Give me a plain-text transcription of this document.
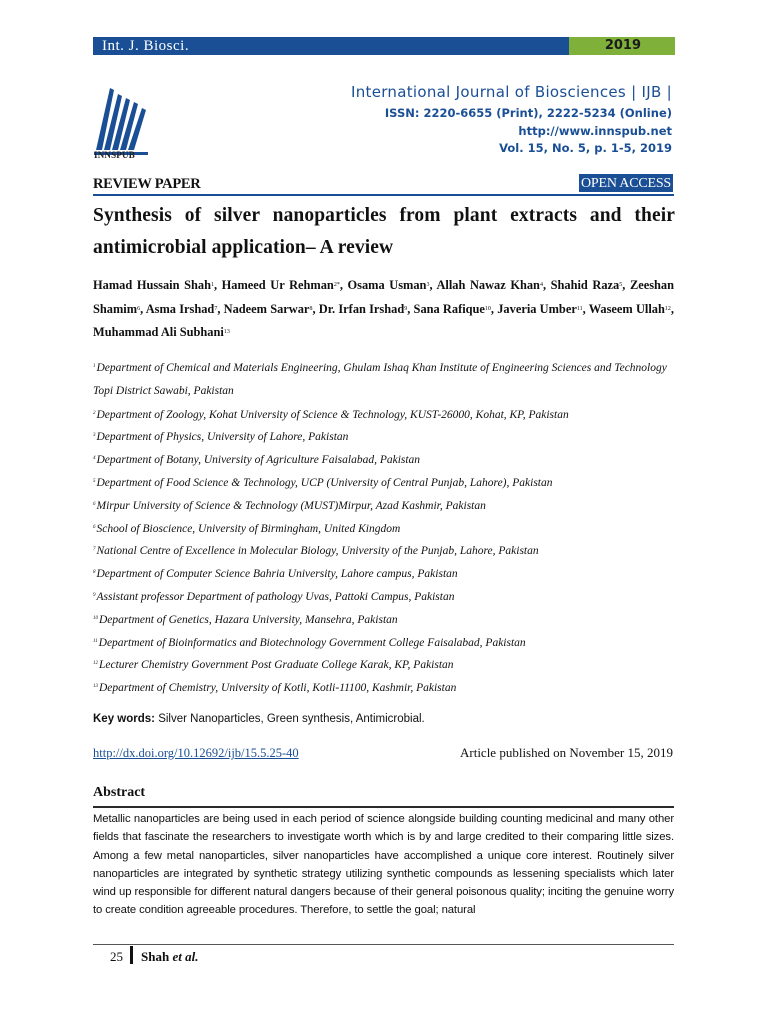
Int. J. Biosci.	2019
INNSPUB
International Journal of Biosciences | IJB |
ISSN: 2220-6655 (Print), 2222-5234 (Online)
http://www.innspub.net
Vol. 15, No. 5, p. 1-5, 2019
REVIEW PAPER	OPEN ACCESS
Synthesis of silver nanoparticles from plant extracts and their antimicrobial application– A review
Hamad Hussain Shah$^1$, Hameed Ur Rehman$^{2*}$, Osama Usman$^3$, Allah Nawaz Khan$^4$, Shahid Raza$^5$, Zeeshan Shamim$^6$, Asma Irshad$^7$, Nadeem Sarwar$^8$, Dr. Irfan Irshad$^9$, Sana Rafique$^{10}$, Javeria Umber$^{11}$, Waseem Ullah$^{12}$, Muhammad Ali Subhani$^{13}$
$^1$Department of Chemical and Materials Engineering, Ghulam Ishaq Khan Institute of Engineering Sciences and Technology Topi District Sawabi, Pakistan
$^2$Department of Zoology, Kohat University of Science & Technology, KUST-26000, Kohat, KP, Pakistan
$^3$Department of Physics, University of Lahore, Pakistan
$^4$Department of Botany, University of Agriculture Faisalabad, Pakistan
$^5$Department of Food Science & Technology, UCP (University of Central Punjab, Lahore), Pakistan
$^6$Mirpur University of Science & Technology (MUST)Mirpur, Azad Kashmir, Pakistan
$^6$School of Bioscience, University of Birmingham, United Kingdom
$^7$National Centre of Excellence in Molecular Biology, University of the Punjab, Lahore, Pakistan
$^8$Department of Computer Science Bahria University, Lahore campus, Pakistan
$^9$Assistant professor Department of pathology Uvas, Pattoki Campus, Pakistan
$^{10}$Department of Genetics, Hazara University, Mansehra, Pakistan
$^{11}$Department of Bioinformatics and Biotechnology Government College Faisalabad, Pakistan
$^{12}$Lecturer Chemistry Government Post Graduate College Karak, KP, Pakistan
$^{13}$Department of Chemistry, University of Kotli, Kotli-11100, Kashmir, Pakistan
Key words: Silver Nanoparticles, Green synthesis, Antimicrobial.
http://dx.doi.org/10.12692/ijb/15.5.25-40	Article published on November 15, 2019
Abstract
Metallic nanoparticles are being used in each period of science alongside building counting medicinal and many other fields that fascinate the researchers to investigate worth which is by and large credited to their comparing little sizes. Among a few metal nanoparticles, silver nanoparticles have accomplished a unique core interest. Routinely silver nanoparticles are integrated by synthetic strategy utilizing synthetic compounds as lessening specialists which later wind up responsible for different natural dangers because of their general poisonous quality; inciting the genuine worry to create condition agreeable procedures. Therefore, to settle the goal; natural
25 Shah et al.
